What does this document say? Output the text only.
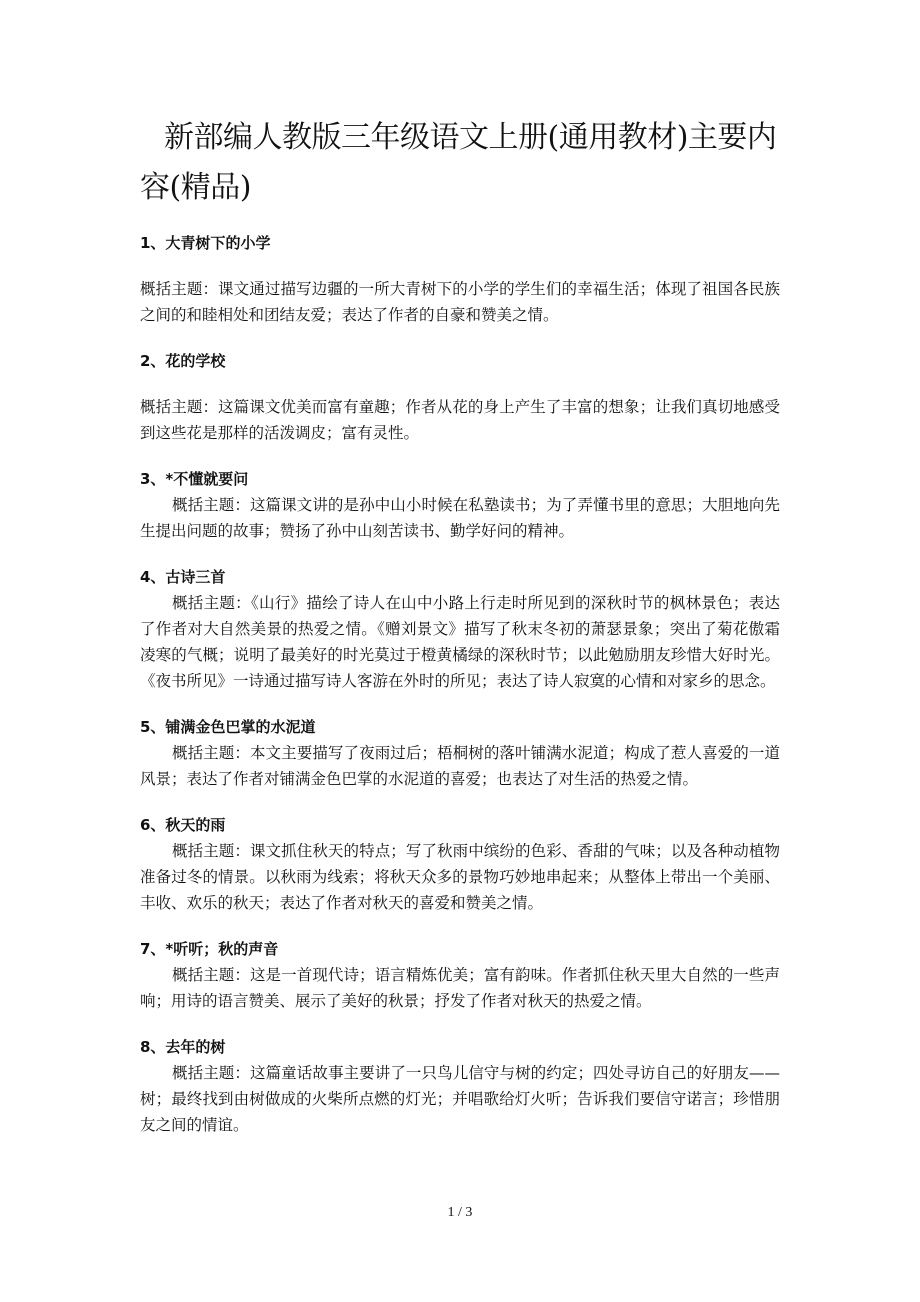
新部编人教版三年级语文上册(通用教材)主要内容(精品)

1、大青树下的小学

概括主题：课文通过描写边疆的一所大青树下的小学的学生们的幸福生活；体现了祖国各民族之间的和睦相处和团结友爱；表达了作者的自豪和赞美之情。

2、花的学校

概括主题：这篇课文优美而富有童趣；作者从花的身上产生了丰富的想象；让我们真切地感受到这些花是那样的活泼调皮；富有灵性。

3、*不懂就要问

概括主题：这篇课文讲的是孙中山小时候在私塾读书；为了弄懂书里的意思；大胆地向先生提出问题的故事；赞扬了孙中山刻苦读书、勤学好问的精神。

4、古诗三首

概括主题：《山行》描绘了诗人在山中小路上行走时所见到的深秋时节的枫林景色；表达了作者对大自然美景的热爱之情。《赠刘景文》描写了秋末冬初的萧瑟景象；突出了菊花傲霜凌寒的气概；说明了最美好的时光莫过于橙黄橘绿的深秋时节；以此勉励朋友珍惜大好时光。《夜书所见》一诗通过描写诗人客游在外时的所见；表达了诗人寂寞的心情和对家乡的思念。

5、铺满金色巴掌的水泥道

概括主题：本文主要描写了夜雨过后；梧桐树的落叶铺满水泥道；构成了惹人喜爱的一道风景；表达了作者对铺满金色巴掌的水泥道的喜爱；也表达了对生活的热爱之情。

6、秋天的雨

概括主题：课文抓住秋天的特点；写了秋雨中缤纷的色彩、香甜的气味；以及各种动植物准备过冬的情景。以秋雨为线索；将秋天众多的景物巧妙地串起来；从整体上带出一个美丽、丰收、欢乐的秋天；表达了作者对秋天的喜爱和赞美之情。

7、*听听；秋的声音

概括主题：这是一首现代诗；语言精炼优美；富有韵味。作者抓住秋天里大自然的一些声响；用诗的语言赞美、展示了美好的秋景；抒发了作者对秋天的热爱之情。

8、去年的树

概括主题：这篇童话故事主要讲了一只鸟儿信守与树的约定；四处寻访自己的好朋友——树；最终找到由树做成的火柴所点燃的灯光；并唱歌给灯火听；告诉我们要信守诺言；珍惜朋友之间的情谊。

1 / 3
